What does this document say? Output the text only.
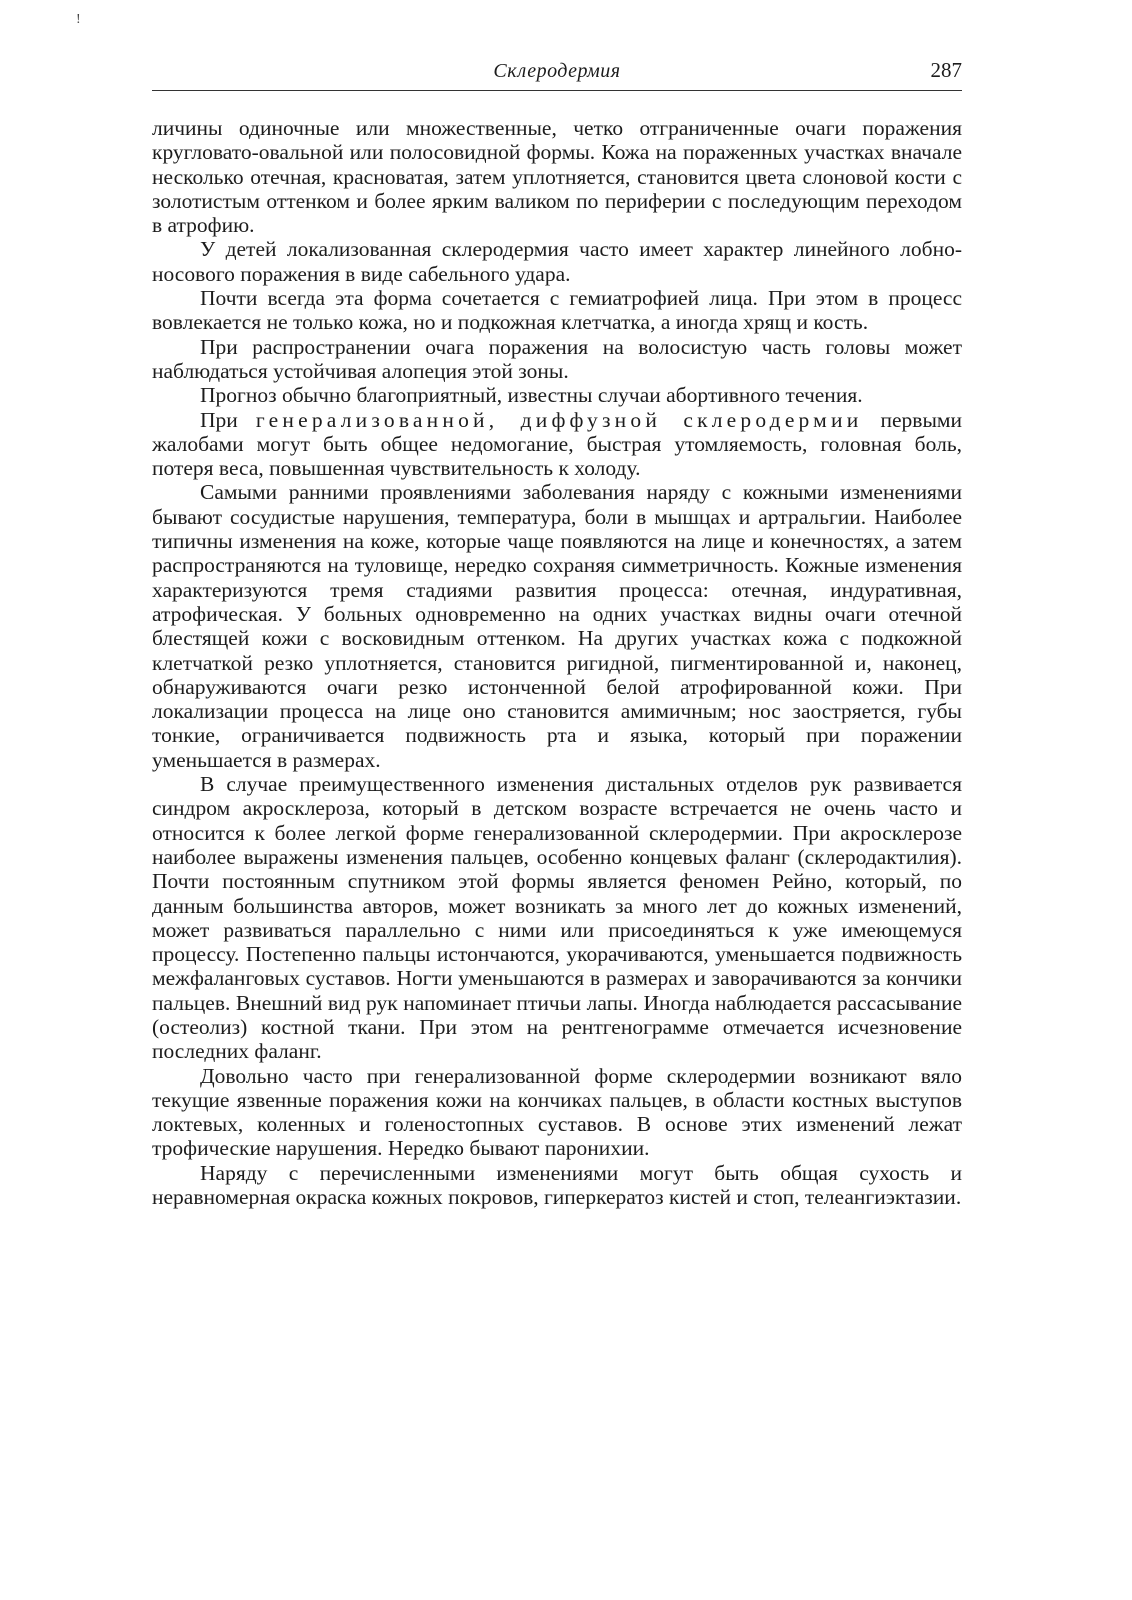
!
Склеродермия	287

личины одиночные или множественные, четко отграниченные очаги поражения кругловато-овальной или полосовидной формы. Кожа на пораженных участках вначале несколько отечная, красноватая, затем уплотняется, становится цвета слоновой кости с золотистым оттенком и более ярким валиком по периферии с последующим переходом в атрофию.

У детей локализованная склеродермия часто имеет характер линейного лобно-носового поражения в виде сабельного удара.

Почти всегда эта форма сочетается с гемиатрофией лица. При этом в процесс вовлекается не только кожа, но и подкожная клетчатка, а иногда хрящ и кость.

При распространении очага поражения на волосистую часть головы может наблюдаться устойчивая алопеция этой зоны.

Прогноз обычно благоприятный, известны случаи абортивного течения.

При генерализованной, диффузной склеродермии первыми жалобами могут быть общее недомогание, быстрая утомляемость, головная боль, потеря веса, повышенная чувствительность к холоду.

Самыми ранними проявлениями заболевания наряду с кожными изменениями бывают сосудистые нарушения, температура, боли в мышцах и артральгии. Наиболее типичны изменения на коже, которые чаще появляются на лице и конечностях, а затем распространяются на туловище, нередко сохраняя симметричность. Кожные изменения характеризуются тремя стадиями развития процесса: отечная, индуративная, атрофическая. У больных одновременно на одних участках видны очаги отечной блестящей кожи с восковидным оттенком. На других участках кожа с подкожной клетчаткой резко уплотняется, становится ригидной, пигментированной и, наконец, обнаруживаются очаги резко истонченной белой атрофированной кожи. При локализации процесса на лице оно становится амимичным; нос заостряется, губы тонкие, ограничивается подвижность рта и языка, который при поражении уменьшается в размерах.

В случае преимущественного изменения дистальных отделов рук развивается синдром акросклероза, который в детском возрасте встречается не очень часто и относится к более легкой форме генерализованной склеродермии. При акросклерозе наиболее выражены изменения пальцев, особенно концевых фаланг (склеродактилия). Почти постоянным спутником этой формы является феномен Рейно, который, по данным большинства авторов, может возникать за много лет до кожных изменений, может развиваться параллельно с ними или присоединяться к уже имеющемуся процессу. Постепенно пальцы истончаются, укорачиваются, уменьшается подвижность межфаланговых суставов. Ногти уменьшаются в размерах и заворачиваются за кончики пальцев. Внешний вид рук напоминает птичьи лапы. Иногда наблюдается рассасывание (остеолиз) костной ткани. При этом на рентгенограмме отмечается исчезновение последних фаланг.

Довольно часто при генерализованной форме склеродермии возникают вяло текущие язвенные поражения кожи на кончиках пальцев, в области костных выступов локтевых, коленных и голеностопных суставов. В основе этих изменений лежат трофические нарушения. Нередко бывают паронихии.

Наряду с перечисленными изменениями могут быть общая сухость и неравномерная окраска кожных покровов, гиперкератоз кистей и стоп, телеангиэктазии.
